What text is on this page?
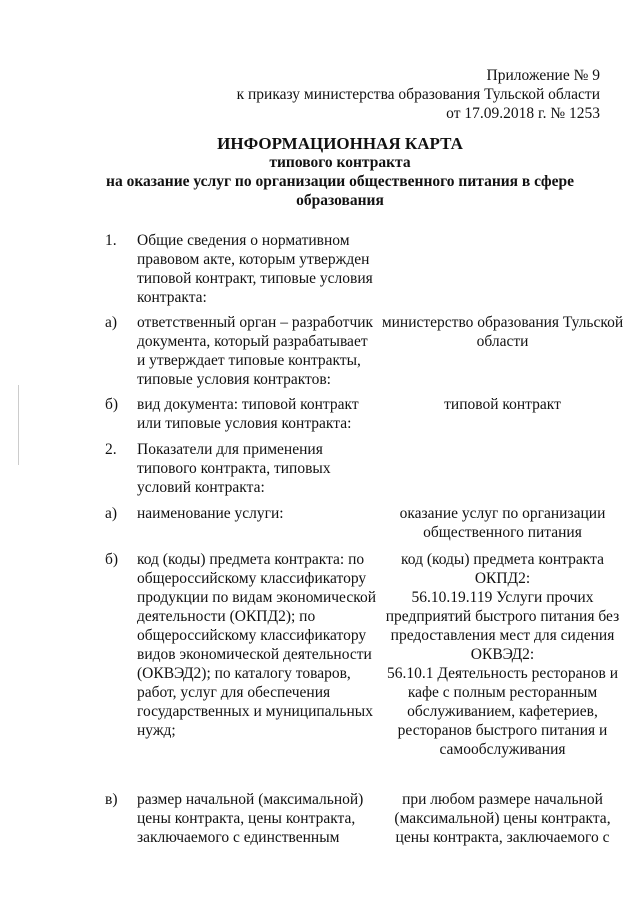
Приложение № 9
к приказу министерства образования Тульской области
от 17.09.2018 г. № 1253
ИНФОРМАЦИОННАЯ КАРТА
типового контракта
на оказание услуг по организации общественного питания в сфере
образования
1. Общие сведения о нормативном правовом акте, которым утвержден типовой контракт, типовые условия контракта:
а) ответственный орган – разработчик документа, который разрабатывает и утверждает типовые контракты, типовые условия контрактов:

министерство образования Тульской области

б) вид документа: типовой контракт или типовые условия контракта:

типовой контракт

2. Показатели для применения типового контракта, типовых условий контракта:
а) наименование услуги:	оказание услуг по организации общественного питания

б) код (коды) предмета контракта: по общероссийскому классификатору продукции по видам экономической деятельности (ОКПД2); по общероссийскому классификатору видов экономической деятельности (ОКВЭД2); по каталогу товаров, работ, услуг для обеспечения государственных и муниципальных нужд;

код (коды) предмета контракта ОКПД2:

56.10.19.119 Услуги прочих предприятий быстрого питания без предоставления мест для сидения

ОКВЭД2:

56.10.1 Деятельность ресторанов и кафе с полным ресторанным обслуживанием, кафетериев, ресторанов быстрого питания и самообслуживания

в) размер начальной (максимальной) цены контракта, цены контракта, заключаемого с единственным

при любом размере начальной (максимальной) цены контракта, цены контракта, заключаемого с
